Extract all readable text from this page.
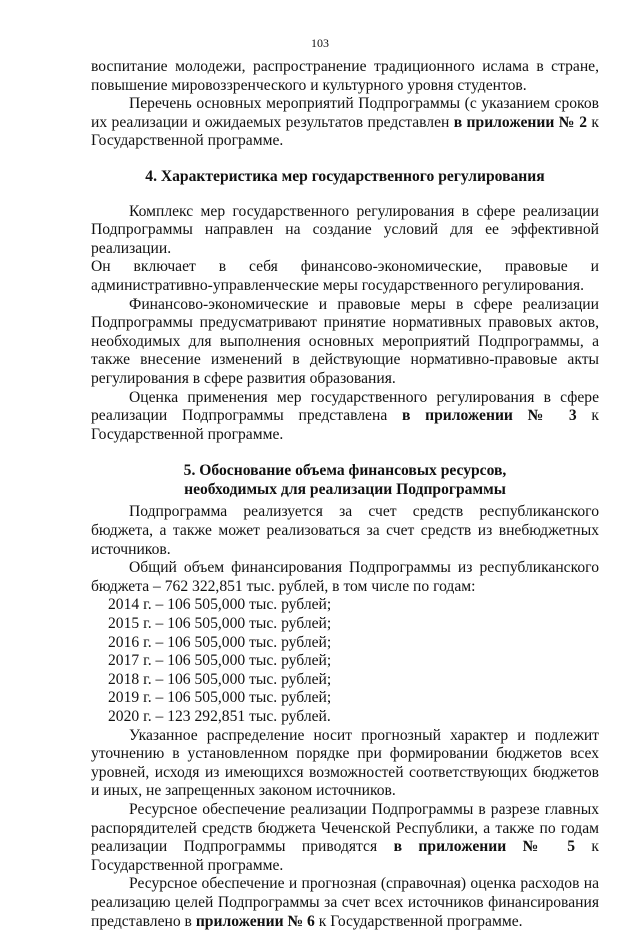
103

воспитание молодежи, распространение традиционного ислама в стране, повышение мировоззренческого и культурного уровня студентов.

Перечень основных мероприятий Подпрограммы (с указанием сроков их реализации и ожидаемых результатов представлен в приложении № 2 к Государственной программе.

4. Характеристика мер государственного регулирования

Комплекс мер государственного регулирования в сфере реализации Подпрограммы направлен на создание условий для ее эффективной реализации.

Он включает в себя финансово-экономические, правовые и

административно-управленческие меры государственного регулирования.

Финансово-экономические и правовые меры в сфере реализации Подпрограммы предусматривают принятие нормативных правовых актов, необходимых для выполнения основных мероприятий Подпрограммы, а также внесение изменений в действующие нормативно-правовые акты регулирования в сфере развития образования.

Оценка применения мер государственного регулирования в сфере реализации Подпрограммы представлена в приложении № 3 к Государственной программе.

5. Обоснование объема финансовых ресурсов,

необходимых для реализации Подпрограммы

Подпрограмма реализуется за счет средств республиканского бюджета, а также может реализоваться за счет средств из внебюджетных источников.

Общий объем финансирования Подпрограммы из республиканского бюджета – 762 322,851 тыс. рублей, в том числе по годам:

2014 г. – 106 505,000 тыс. рублей;

2015 г. – 106 505,000 тыс. рублей;

2016 г. – 106 505,000 тыс. рублей;

2017 г. – 106 505,000 тыс. рублей;

2018 г. – 106 505,000 тыс. рублей;

2019 г. – 106 505,000 тыс. рублей;

2020 г. – 123 292,851 тыс. рублей.

Указанное распределение носит прогнозный характер и подлежит уточнению в установленном порядке при формировании бюджетов всех уровней, исходя из имеющихся возможностей соответствующих бюджетов и иных, не запрещенных законом источников.

Ресурсное обеспечение реализации Подпрограммы в разрезе главных распорядителей средств бюджета Чеченской Республики, а также по годам реализации Подпрограммы приводятся в приложении № 5 к Государственной программе.

Ресурсное обеспечение и прогнозная (справочная) оценка расходов на реализацию целей Подпрограммы за счет всех источников финансирования представлено в приложении № 6 к Государственной программе.
